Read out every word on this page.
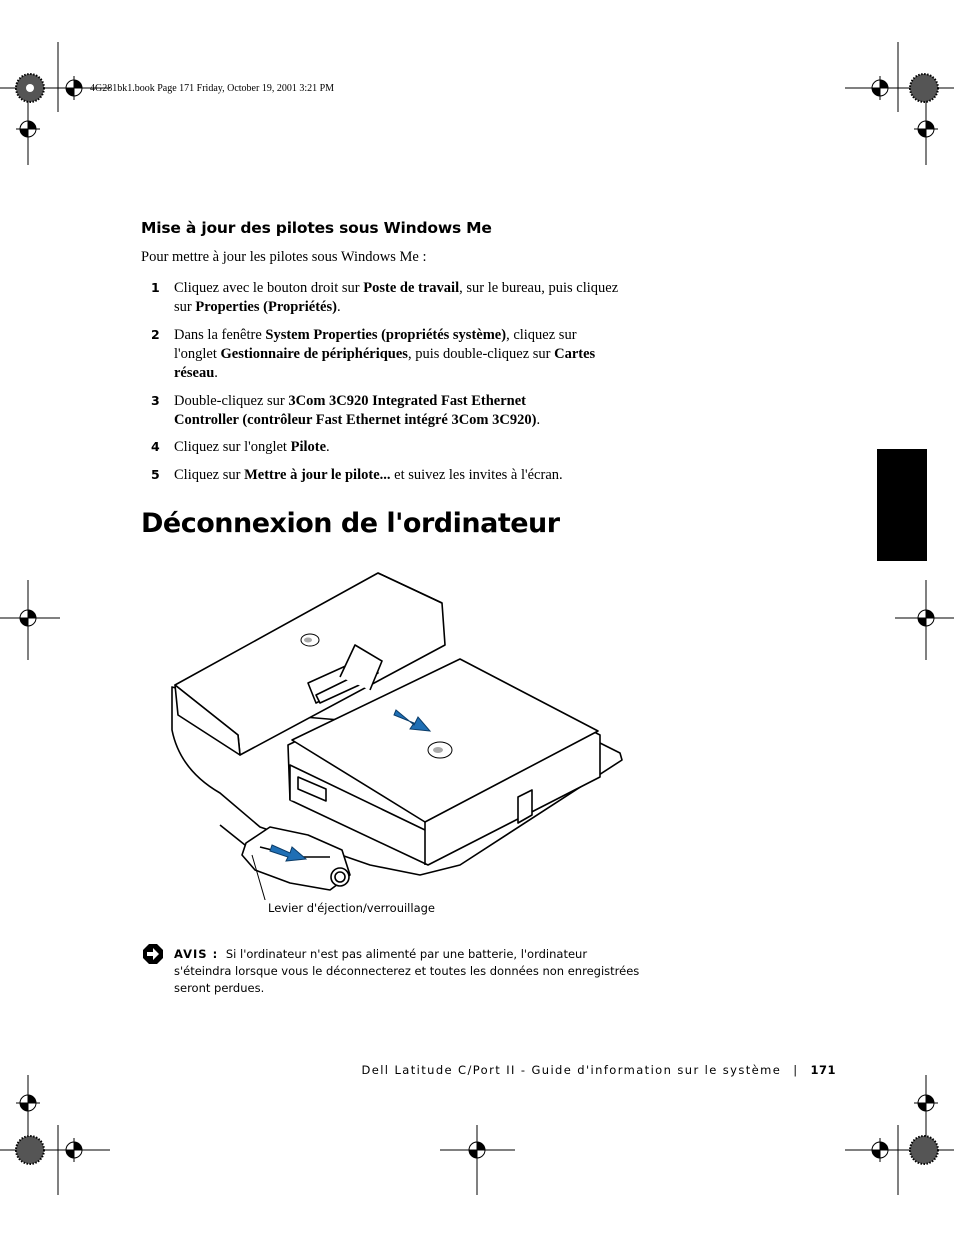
4G281bk1.book Page 171 Friday, October 19, 2001 3:21 PM
Mise à jour des pilotes sous Windows Me
Pour mettre à jour les pilotes sous Windows Me :
1 Cliquez avec le bouton droit sur Poste de travail, sur le bureau, puis cliquez sur Properties (Propriétés).
2 Dans la fenêtre System Properties (propriétés système), cliquez sur l'onglet Gestionnaire de périphériques, puis double-cliquez sur Cartes réseau.
3 Double-cliquez sur 3Com 3C920 Integrated Fast Ethernet Controller (contrôleur Fast Ethernet intégré 3Com 3C920).
4 Cliquez sur l'onglet Pilote.
5 Cliquez sur Mettre à jour le pilote... et suivez les invites à l'écran.
Déconnexion de l'ordinateur
Levier d'éjection/verrouillage
AVIS : Si l'ordinateur n'est pas alimenté par une batterie, l'ordinateur s'éteindra lorsque vous le déconnecterez et toutes les données non enregistrées seront perdues.
Dell Latitude C/Port II - Guide d'information sur le système | 171
